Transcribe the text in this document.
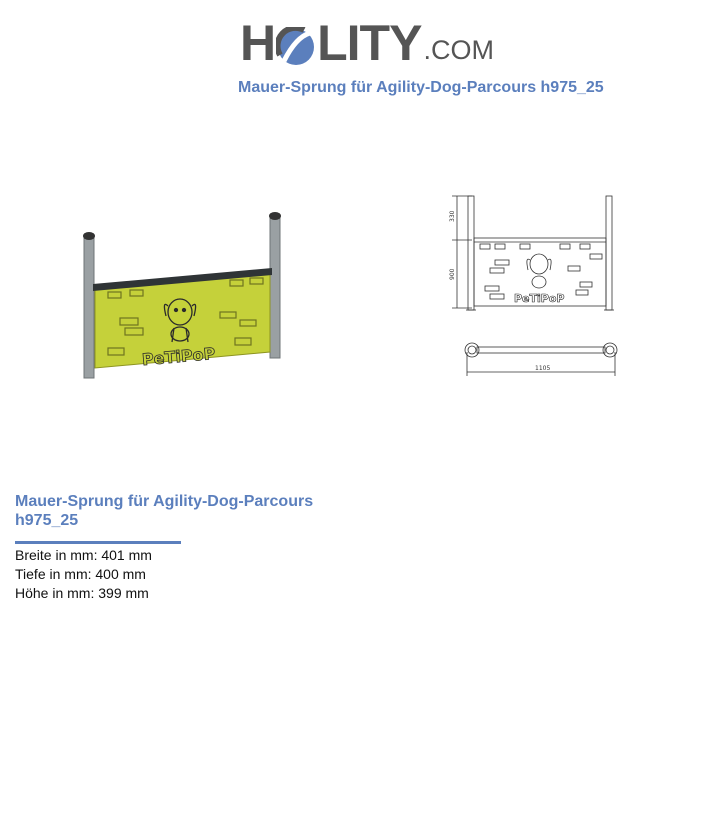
H LITY .COM
Mauer-Sprung für Agility-Dog-Parcours h975_25
PeTiPoP
330
900
PeTiPoP
1105
Mauer-Sprung für Agility-Dog-Parcours h975_25
Breite in mm: 401 mm
Tiefe in mm: 400 mm
Höhe in mm: 399 mm
